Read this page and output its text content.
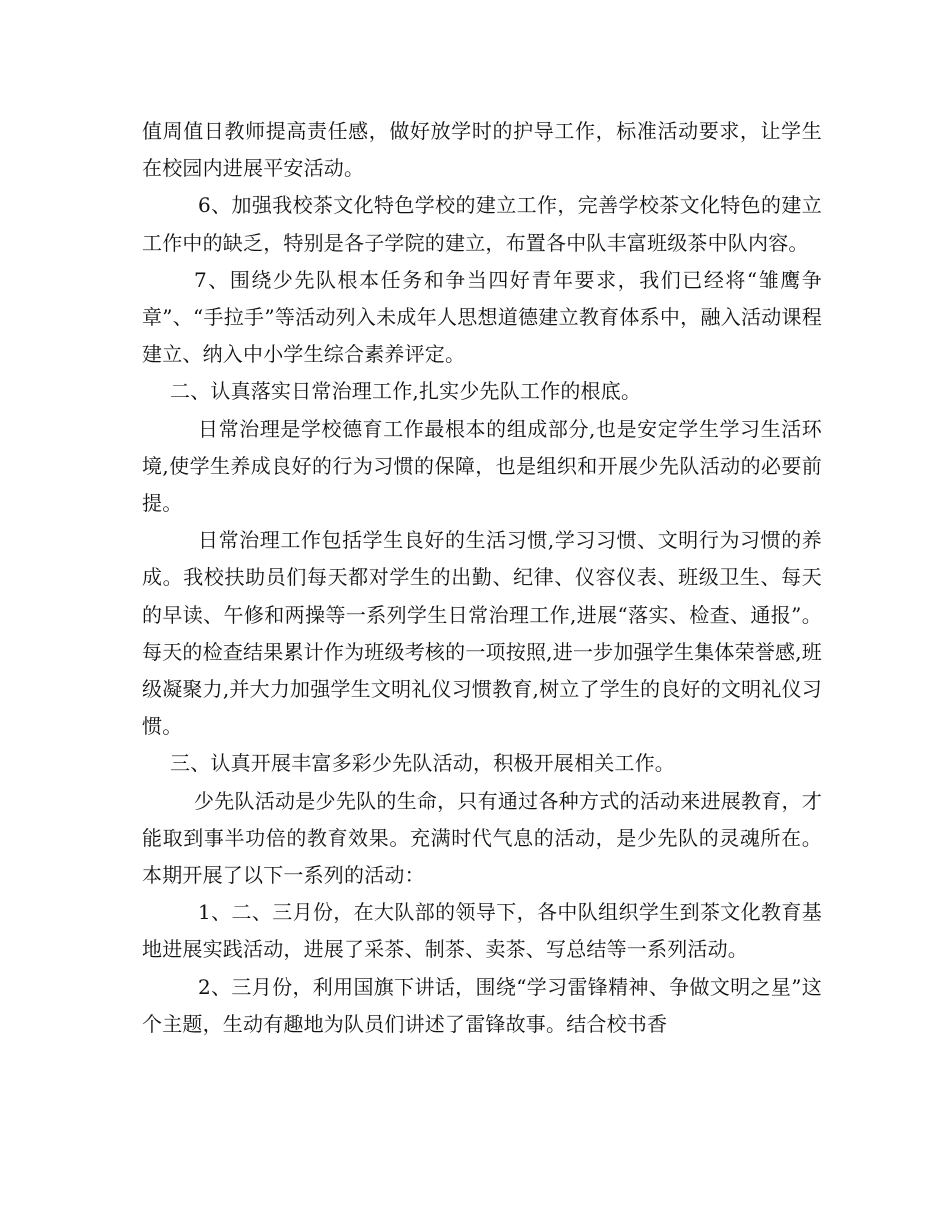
值周值日教师提高责任感，做好放学时的护导工作，标准活动要求，让学生在校园内进展平安活动。

6、加强我校茶文化特色学校的建立工作，完善学校茶文化特色的建立工作中的缺乏，特别是各子学院的建立，布置各中队丰富班级茶中队内容。

7、围绕少先队根本任务和争当四好青年要求，我们已经将“雏鹰争章”、“手拉手”等活动列入未成年人思想道德建立教育体系中，融入活动课程建立、纳入中小学生综合素养评定。

二、认真落实日常治理工作,扎实少先队工作的根底。

日常治理是学校德育工作最根本的组成部分,也是安定学生学习生活环境,使学生养成良好的行为习惯的保障，也是组织和开展少先队活动的必要前提。

日常治理工作包括学生良好的生活习惯,学习习惯、文明行为习惯的养成。我校扶助员们每天都对学生的出勤、纪律、仪容仪表、班级卫生、每天的早读、午修和两操等一系列学生日常治理工作,进展“落实、检查、通报”。每天的检查结果累计作为班级考核的一项按照,进一步加强学生集体荣誉感,班级凝聚力,并大力加强学生文明礼仪习惯教育,树立了学生的良好的文明礼仪习惯。

三、认真开展丰富多彩少先队活动，积极开展相关工作。

少先队活动是少先队的生命，只有通过各种方式的活动来进展教育，才能取到事半功倍的教育效果。充满时代气息的活动，是少先队的灵魂所在。本期开展了以下一系列的活动：

1、二、三月份，在大队部的领导下，各中队组织学生到茶文化教育基地进展实践活动，进展了采茶、制茶、卖茶、写总结等一系列活动。

2、三月份，利用国旗下讲话，围绕“学习雷锋精神、争做文明之星”这个主题，生动有趣地为队员们讲述了雷锋故事。结合校书香
